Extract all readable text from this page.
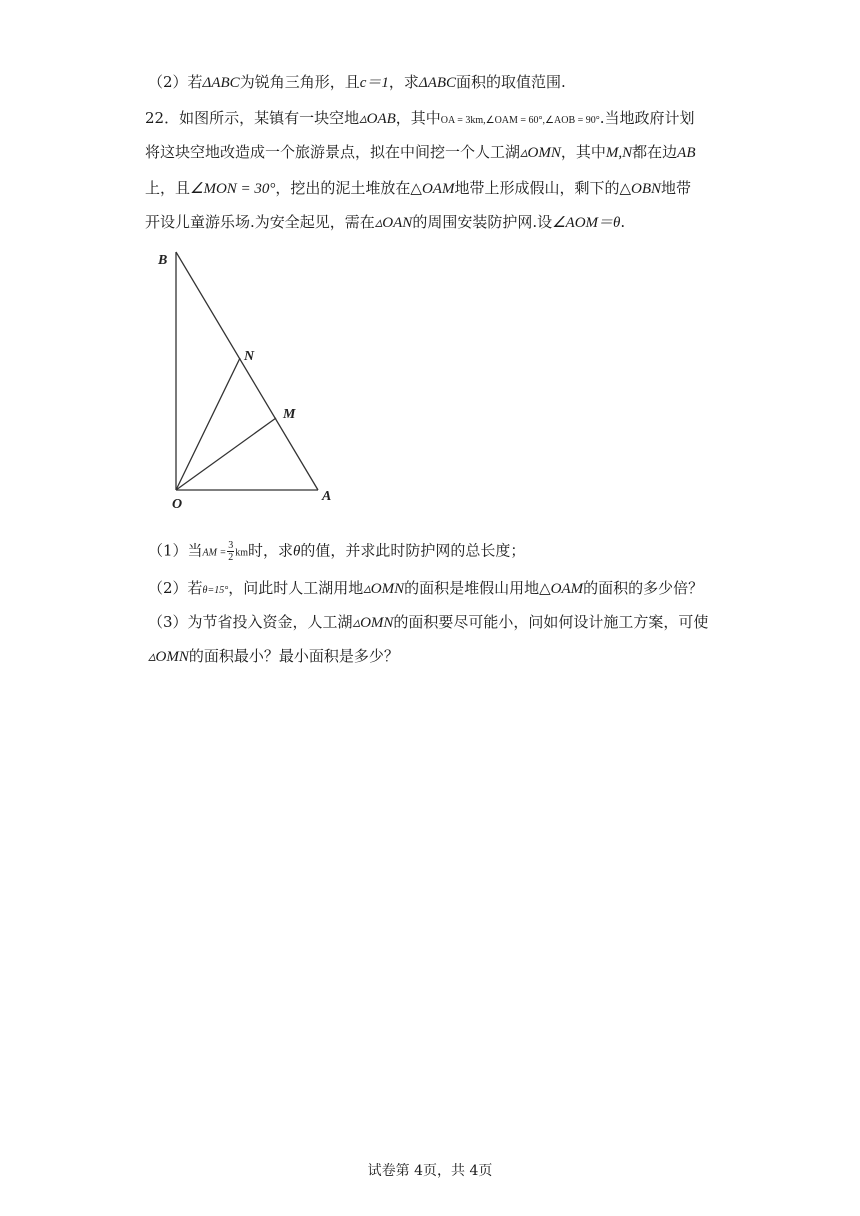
（2）若ΔABC为锐角三角形，且c＝1，求ΔABC面积的取值范围.
22．如图所示，某镇有一块空地▵OAB，其中OA = 3km,∠OAM = 60°,∠AOB = 90°.当地政府计划
将这块空地改造成一个旅游景点，拟在中间挖一个人工湖▵OMN，其中M,N都在边AB
上，且∠MON = 30°，挖出的泥土堆放在△OAM地带上形成假山，剩下的△OBN地带
开设儿童游乐场.为安全起见，需在▵OAN的周围安装防护网.设∠AOM＝θ.
B
N
M
O
A
（1）当AM = $\frac{3}{2}$ km时，求θ的值，并求此时防护网的总长度；
（2）若θ=15°，问此时人工湖用地▵OMN的面积是堆假山用地△OAM的面积的多少倍？
（3）为节省投入资金，人工湖▵OMN的面积要尽可能小，问如何设计施工方案，可使
▵OMN的面积最小？最小面积是多少？
试卷第 4页，共 4页
